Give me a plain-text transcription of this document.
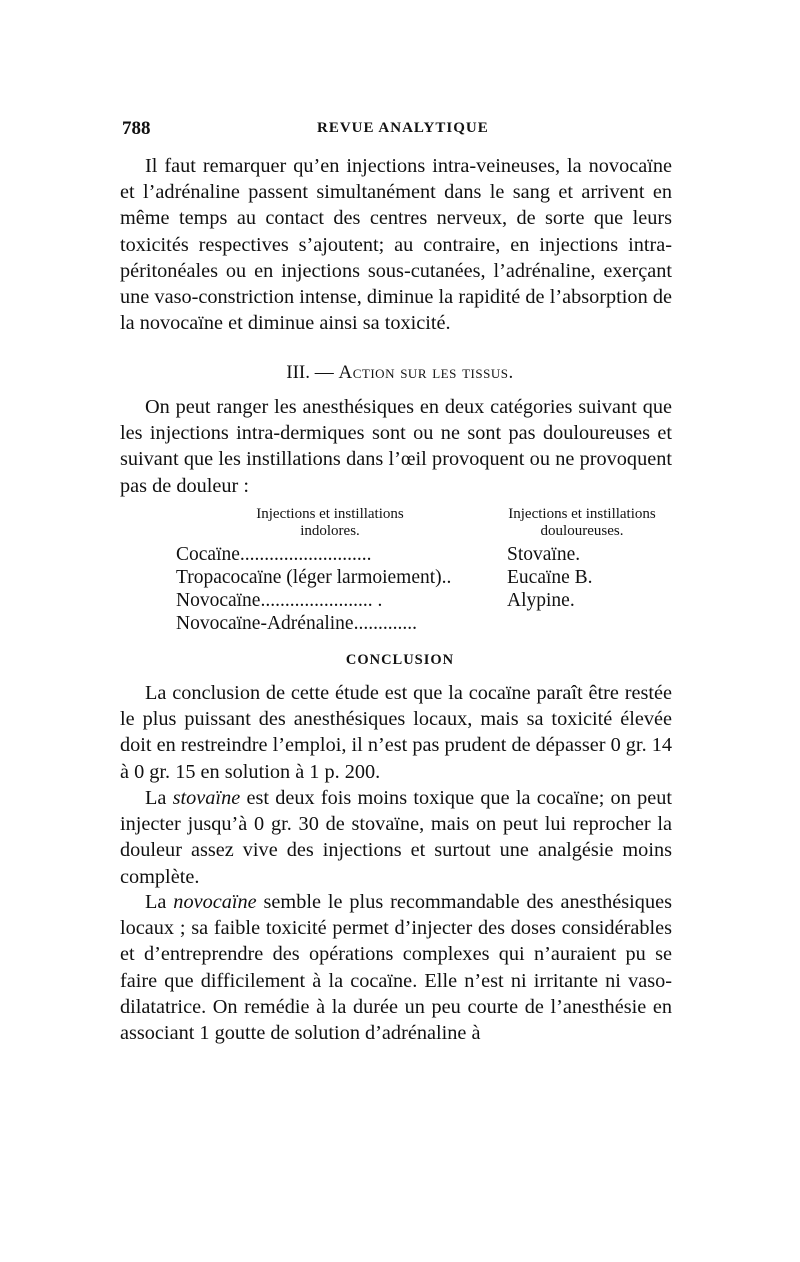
788	REVUE ANALYTIQUE

Il faut remarquer qu’en injections intra-veineuses, la novocaïne et l’adrénaline passent simultanément dans le sang et arrivent en même temps au contact des centres nerveux, de sorte que leurs toxicités respectives s’ajoutent; au contraire, en injections intra-péritonéales ou en injections sous-cutanées, l’adrénaline, exerçant une vaso-constriction intense, diminue la rapidité de l’absorption de la novocaïne et diminue ainsi sa toxicité.

III. — Action sur les tissus.

On peut ranger les anesthésiques en deux catégories suivant que les injections intra-dermiques sont ou ne sont pas douloureuses et suivant que les instillations dans l’œil provoquent ou ne provoquent pas de douleur :

Injections et instillations
indolores.
Injections et instillations
douloureuses.
Cocaïne...........................
Tropacocaïne (léger larmoiement)..
Novocaïne....................... .
Novocaïne-Adrénaline.............
Stovaïne.
Eucaïne B.
Alypine.
CONCLUSION

La conclusion de cette étude est que la cocaïne paraît être restée le plus puissant des anesthésiques locaux, mais sa toxicité élevée doit en restreindre l’emploi, il n’est pas prudent de dépasser 0 gr. 14 à 0 gr. 15 en solution à 1 p. 200.

La stovaïne est deux fois moins toxique que la cocaïne; on peut injecter jusqu’à 0 gr. 30 de stovaïne, mais on peut lui reprocher la douleur assez vive des injections et surtout une analgésie moins complète.

La novocaïne semble le plus recommandable des anesthésiques locaux ; sa faible toxicité permet d’injecter des doses considérables et d’entreprendre des opérations complexes qui n’auraient pu se faire que difficilement à la cocaïne. Elle n’est ni irritante ni vaso-dilatatrice. On remédie à la durée un peu courte de l’anesthésie en associant 1 goutte de solution d’adrénaline à
